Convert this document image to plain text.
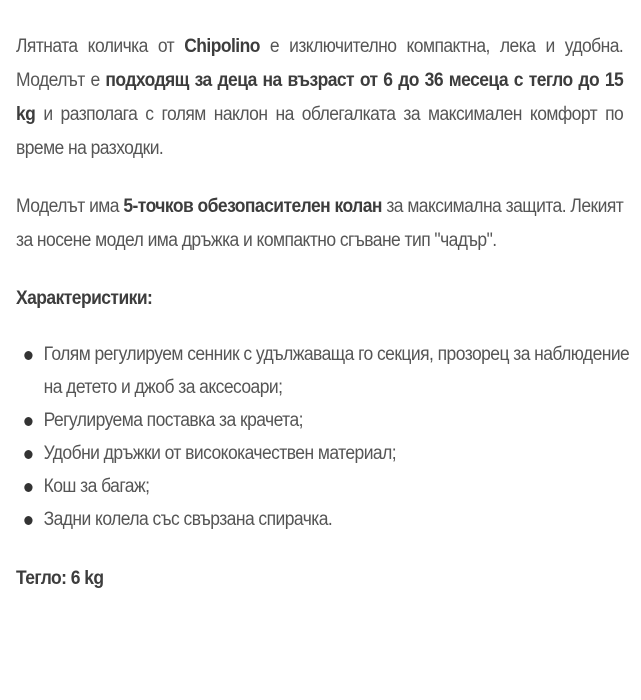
Лятната количка от Chipolino е изключително компактна, лека и удобна. Моделът е подходящ за деца на възраст от 6 до 36 месеца с тегло до 15 kg и разполага с голям наклон на облегалката за максимален комфорт по време на разходки.

Моделът има 5-точков обезопасителен колан за максимална защита. Лекият за носене модел има дръжка и компактно сгъване тип "чадър".

Характеристики:
Голям регулируем сенник с удължаваща го секция, прозорец за наблюдение на детето и джоб за аксесоари;
Регулируема поставка за крачета;
Удобни дръжки от висококачествен материал;
Кош за багаж;
Задни колела със свързана спирачка.
Тегло: 6 kg
